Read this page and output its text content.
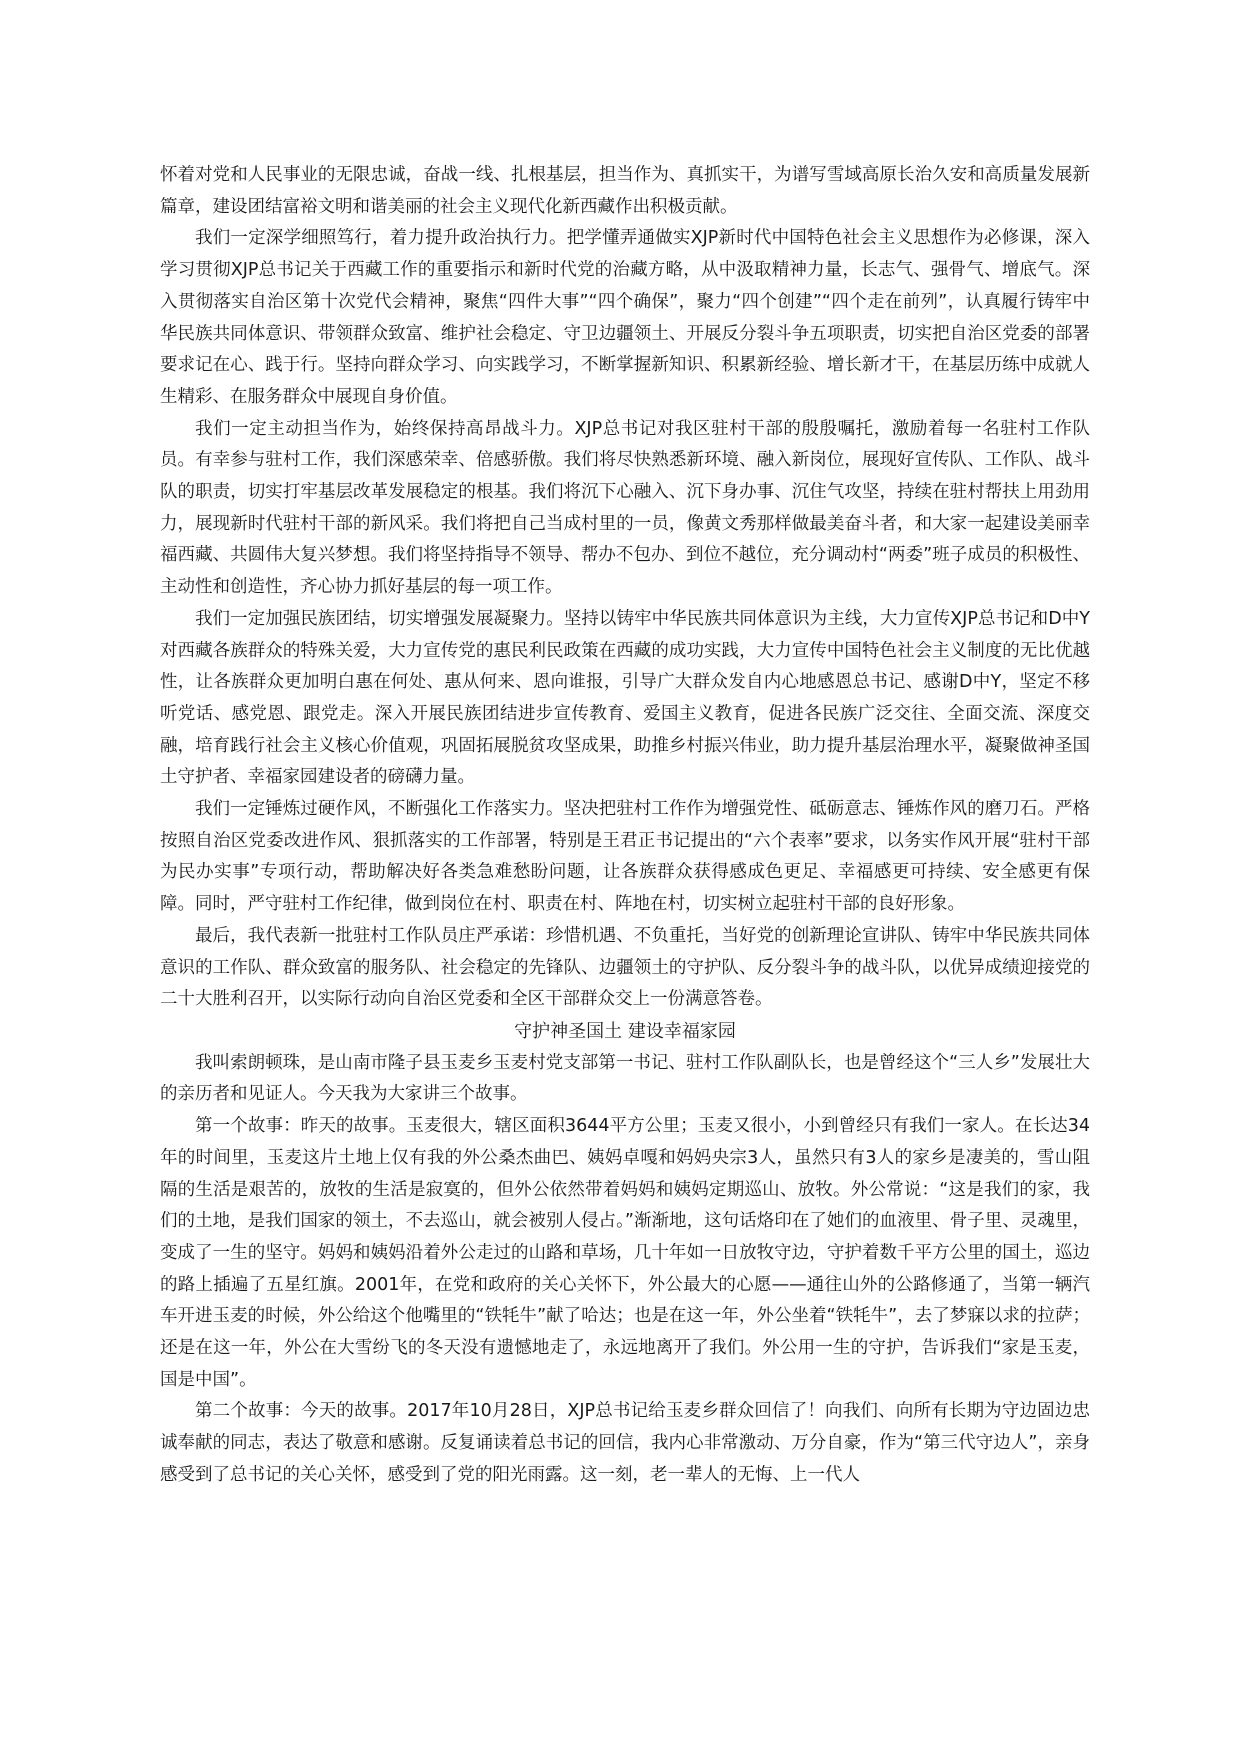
怀着对党和人民事业的无限忠诚，奋战一线、扎根基层，担当作为、真抓实干，为谱写雪域高原长治久安和高质量发展新篇章，建设团结富裕文明和谐美丽的社会主义现代化新西藏作出积极贡献。

我们一定深学细照笃行，着力提升政治执行力。把学懂弄通做实XJP新时代中国特色社会主义思想作为必修课，深入学习贯彻XJP总书记关于西藏工作的重要指示和新时代党的治藏方略，从中汲取精神力量，长志气、强骨气、增底气。深入贯彻落实自治区第十次党代会精神，聚焦“四件大事”“四个确保”，聚力“四个创建”“四个走在前列”，认真履行铸牢中华民族共同体意识、带领群众致富、维护社会稳定、守卫边疆领土、开展反分裂斗争五项职责，切实把自治区党委的部署要求记在心、践于行。坚持向群众学习、向实践学习，不断掌握新知识、积累新经验、增长新才干，在基层历练中成就人生精彩、在服务群众中展现自身价值。

我们一定主动担当作为，始终保持高昂战斗力。XJP总书记对我区驻村干部的殷殷嘱托，激励着每一名驻村工作队员。有幸参与驻村工作，我们深感荣幸、倍感骄傲。我们将尽快熟悉新环境、融入新岗位，展现好宣传队、工作队、战斗队的职责，切实打牢基层改革发展稳定的根基。我们将沉下心融入、沉下身办事、沉住气攻坚，持续在驻村帮扶上用劲用力，展现新时代驻村干部的新风采。我们将把自己当成村里的一员，像黄文秀那样做最美奋斗者，和大家一起建设美丽幸福西藏、共圆伟大复兴梦想。我们将坚持指导不领导、帮办不包办、到位不越位，充分调动村“两委”班子成员的积极性、主动性和创造性，齐心协力抓好基层的每一项工作。

我们一定加强民族团结，切实增强发展凝聚力。坚持以铸牢中华民族共同体意识为主线，大力宣传XJP总书记和D中Y对西藏各族群众的特殊关爱，大力宣传党的惠民利民政策在西藏的成功实践，大力宣传中国特色社会主义制度的无比优越性，让各族群众更加明白惠在何处、惠从何来、恩向谁报，引导广大群众发自内心地感恩总书记、感谢D中Y，坚定不移听党话、感党恩、跟党走。深入开展民族团结进步宣传教育、爱国主义教育，促进各民族广泛交往、全面交流、深度交融，培育践行社会主义核心价值观，巩固拓展脱贫攻坚成果，助推乡村振兴伟业，助力提升基层治理水平，凝聚做神圣国土守护者、幸福家园建设者的磅礴力量。

我们一定锤炼过硬作风，不断强化工作落实力。坚决把驻村工作作为增强党性、砥砺意志、锤炼作风的磨刀石。严格按照自治区党委改进作风、狠抓落实的工作部署，特别是王君正书记提出的“六个表率”要求，以务实作风开展“驻村干部为民办实事”专项行动，帮助解决好各类急难愁盼问题，让各族群众获得感成色更足、幸福感更可持续、安全感更有保障。同时，严守驻村工作纪律，做到岗位在村、职责在村、阵地在村，切实树立起驻村干部的良好形象。

最后，我代表新一批驻村工作队员庄严承诺：珍惜机遇、不负重托，当好党的创新理论宣讲队、铸牢中华民族共同体意识的工作队、群众致富的服务队、社会稳定的先锋队、边疆领土的守护队、反分裂斗争的战斗队，以优异成绩迎接党的二十大胜利召开，以实际行动向自治区党委和全区干部群众交上一份满意答卷。

守护神圣国土 建设幸福家园

我叫索朗顿珠，是山南市隆子县玉麦乡玉麦村党支部第一书记、驻村工作队副队长，也是曾经这个“三人乡”发展壮大的亲历者和见证人。今天我为大家讲三个故事。

第一个故事：昨天的故事。玉麦很大，辖区面积3644平方公里；玉麦又很小，小到曾经只有我们一家人。在长达34年的时间里，玉麦这片土地上仅有我的外公桑杰曲巴、姨妈卓嘎和妈妈央宗3人，虽然只有3人的家乡是凄美的，雪山阻隔的生活是艰苦的，放牧的生活是寂寞的，但外公依然带着妈妈和姨妈定期巡山、放牧。外公常说：“这是我们的家，我们的土地，是我们国家的领土，不去巡山，就会被别人侵占。”渐渐地，这句话烙印在了她们的血液里、骨子里、灵魂里，变成了一生的坚守。妈妈和姨妈沿着外公走过的山路和草场，几十年如一日放牧守边，守护着数千平方公里的国土，巡边的路上插遍了五星红旗。2001年，在党和政府的关心关怀下，外公最大的心愿——通往山外的公路修通了，当第一辆汽车开进玉麦的时候，外公给这个他嘴里的“铁牦牛”献了哈达；也是在这一年，外公坐着“铁牦牛”，去了梦寐以求的拉萨；还是在这一年，外公在大雪纷飞的冬天没有遗憾地走了，永远地离开了我们。外公用一生的守护，告诉我们“家是玉麦，国是中国”。

第二个故事：今天的故事。2017年10月28日，XJP总书记给玉麦乡群众回信了！向我们、向所有长期为守边固边忠诚奉献的同志，表达了敬意和感谢。反复诵读着总书记的回信，我内心非常激动、万分自豪，作为“第三代守边人”，亲身感受到了总书记的关心关怀，感受到了党的阳光雨露。这一刻，老一辈人的无悔、上一代人
